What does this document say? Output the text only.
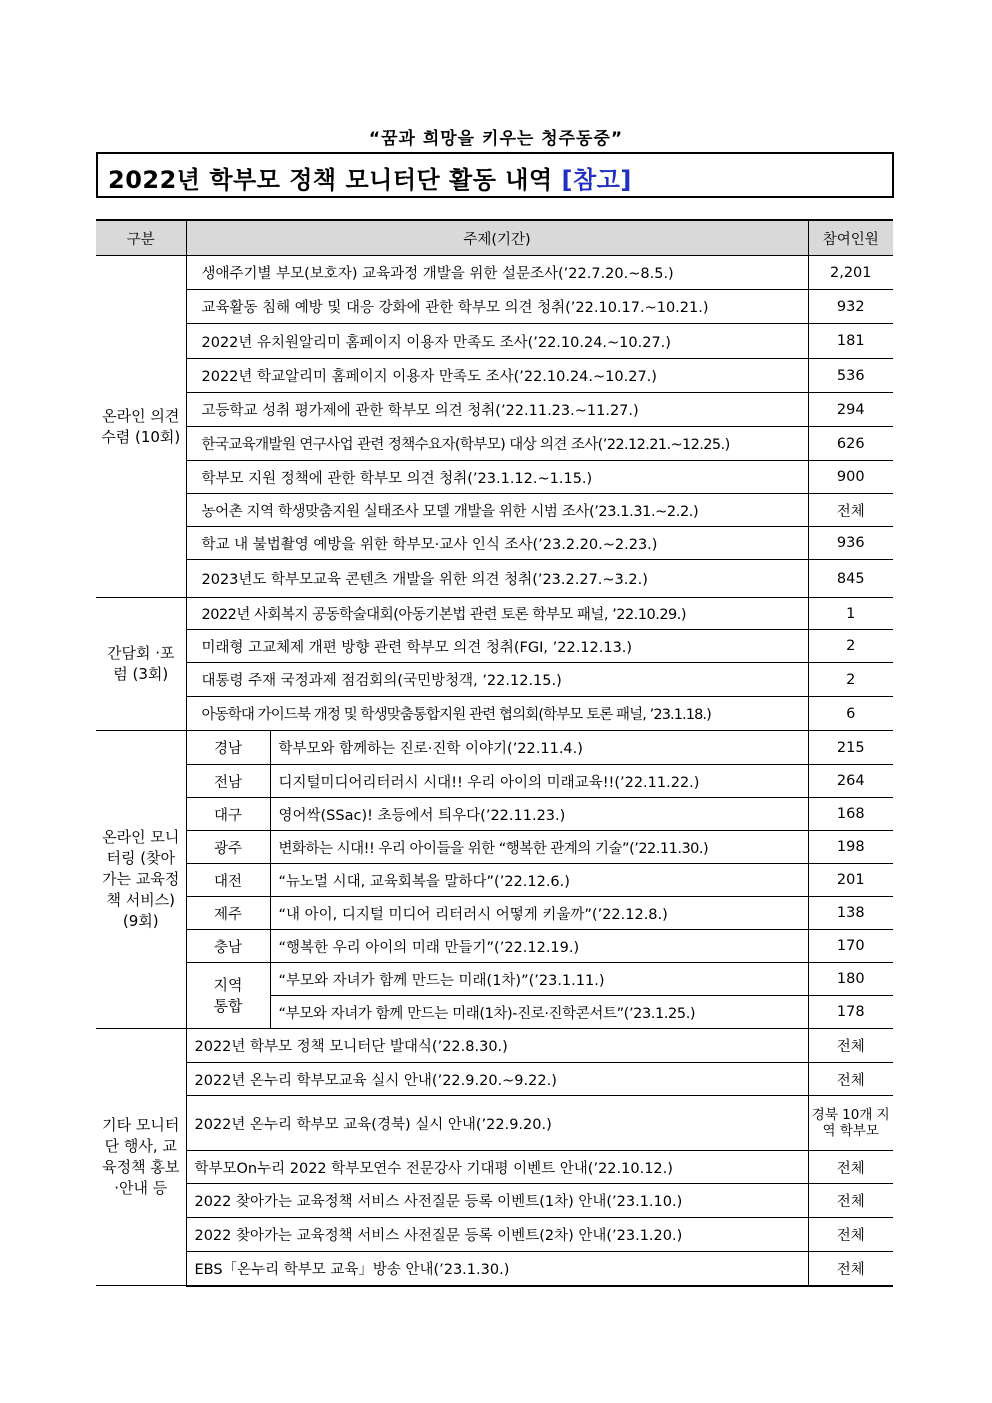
“꿈과 희망을 키우는 청주동중”
2022년 학부모 정책 모니터단 활동 내역 [참고]
구분	주제(기간)		참여인원
온라인 의견수렴 (10회)	생애주기별 부모(보호자) 교육과정 개발을 위한 설문조사(’22.7.20.~8.5.)		2,201
	교육활동 침해 예방 및 대응 강화에 관한 학부모 의견 청취(’22.10.17.~10.21.)		932
	2022년 유치원알리미 홈페이지 이용자 만족도 조사(’22.10.24.~10.27.)		181
	2022년 학교알리미 홈페이지 이용자 만족도 조사(’22.10.24.~10.27.)		536
	고등학교 성취 평가제에 관한 학부모 의견 청취(’22.11.23.~11.27.)		294
	한국교육개발원 연구사업 관련 정책수요자(학부모) 대상 의견 조사(’22.12.21.~12.25.)		626
	학부모 지원 정책에 관한 학부모 의견 청취(’23.1.12.~1.15.)		900
	농어촌 지역 학생맞춤지원 실태조사 모델 개발을 위한 시범 조사(’23.1.31.~2.2.)		전체
	학교 내 불법촬영 예방을 위한 학부모·교사 인식 조사(’23.2.20.~2.23.)		936
	2023년도 학부모교육 콘텐츠 개발을 위한 의견 청취(’23.2.27.~3.2.)		845
간담회 ·포럼 (3회)	2022년 사회복지 공동학술대회(아동기본법 관련 토론 학부모 패널, ’22.10.29.)		1
	미래형 고교체제 개편 방향 관련 학부모 의견 청취(FGI, ’22.12.13.)		2
	대통령 주재 국정과제 점검회의(국민방청객, ’22.12.15.)		2
	아동학대 가이드북 개정 및 학생맞춤통합지원 관련 협의회(학부모 토론 패널, ’23.1.18.)		6
온라인 모니터링 (찾아가는 교육정책 서비스) (9회)	경남	학부모와 함께하는 진로·진학 이야기(’22.11.4.)	215
	전남	디지털미디어리터러시 시대!! 우리 아이의 미래교육!!(’22.11.22.)	264
	대구	영어싹(SSac)! 초등에서 틔우다(’22.11.23.)	168
	광주	변화하는 시대!! 우리 아이들을 위한 “행복한 관계의 기술”(’22.11.30.)	198
	대전	“뉴노멀 시대, 교육회복을 말하다”(’22.12.6.)	201
	제주	“내 아이, 디지털 미디어 리터러시 어떻게 키울까”(’22.12.8.)	138
	충남	“행복한 우리 아이의 미래 만들기”(’22.12.19.)	170
	지역 통합	“부모와 자녀가 함께 만드는 미래(1차)”(’23.1.11.)	180
		“부모와 자녀가 함께 만드는 미래(1차)-진로·진학콘서트”(’23.1.25.)	178
기타 모니터단 행사, 교육정책 홍보·안내 등	2022년 학부모 정책 모니터단 발대식(’22.8.30.)		전체
	2022년 온누리 학부모교육 실시 안내(’22.9.20.~9.22.)		전체
	2022년 온누리 학부모 교육(경북) 실시 안내(’22.9.20.)		경북 10개 지역 학부모
	학부모On누리 2022 학부모연수 전문강사 기대평 이벤트 안내(’22.10.12.)		전체
	2022 찾아가는 교육정책 서비스 사전질문 등록 이벤트(1차) 안내(’23.1.10.)		전체
	2022 찾아가는 교육정책 서비스 사전질문 등록 이벤트(2차) 안내(’23.1.20.)		전체
	EBS「온누리 학부모 교육」방송 안내(’23.1.30.)		전체
